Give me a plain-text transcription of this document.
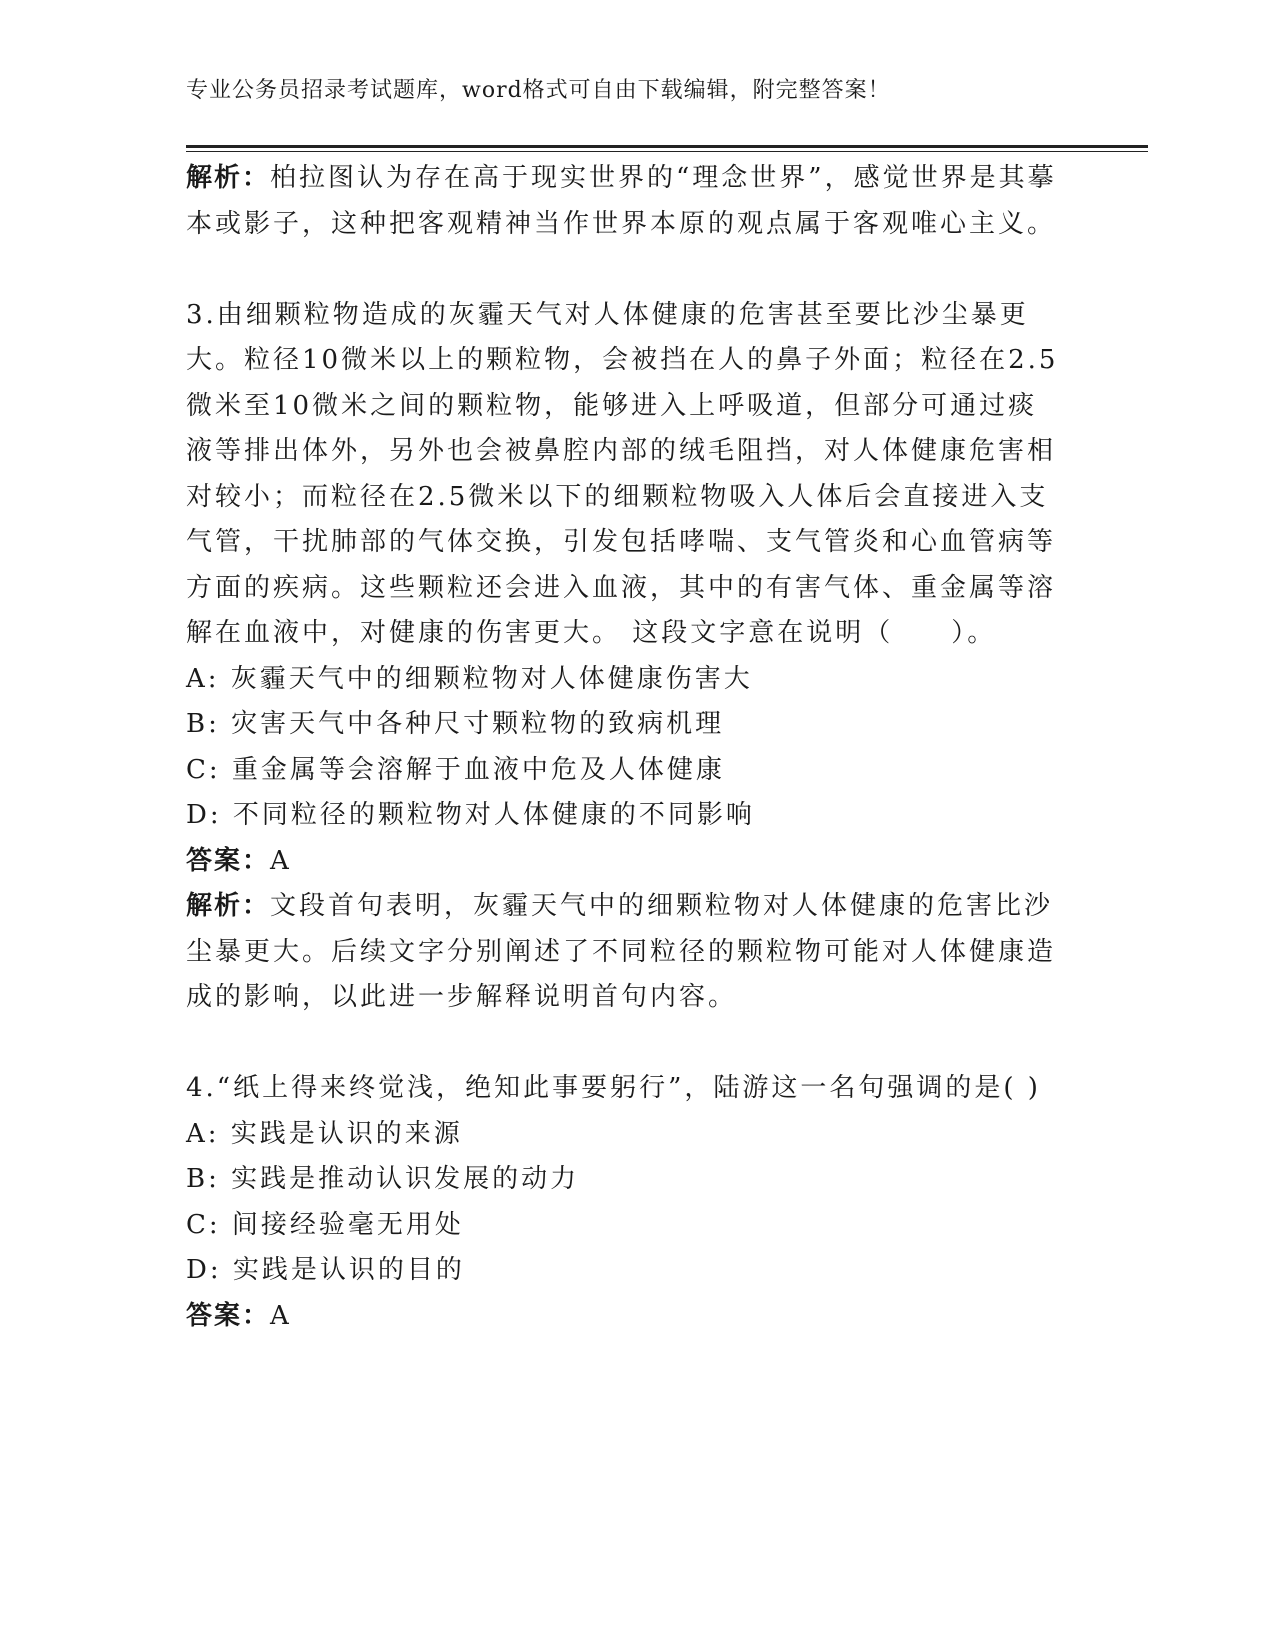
专业公务员招录考试题库，word格式可自由下载编辑，附完整答案！

解析：柏拉图认为存在高于现实世界的“理念世界”，感觉世界是其摹本或影子，这种把客观精神当作世界本原的观点属于客观唯心主义。

3.由细颗粒物造成的灰霾天气对人体健康的危害甚至要比沙尘暴更大。粒径10微米以上的颗粒物，会被挡在人的鼻子外面；粒径在2.5微米至10微米之间的颗粒物，能够进入上呼吸道，但部分可通过痰液等排出体外，另外也会被鼻腔内部的绒毛阻挡，对人体健康危害相对较小；而粒径在2.5微米以下的细颗粒物吸入人体后会直接进入支气管，干扰肺部的气体交换，引发包括哮喘、支气管炎和心血管病等方面的疾病。这些颗粒还会进入血液，其中的有害气体、重金属等溶解在血液中，对健康的伤害更大。 这段文字意在说明（　　）。

A: 灰霾天气中的细颗粒物对人体健康伤害大

B: 灾害天气中各种尺寸颗粒物的致病机理

C: 重金属等会溶解于血液中危及人体健康

D: 不同粒径的颗粒物对人体健康的不同影响

答案：A

解析：文段首句表明，灰霾天气中的细颗粒物对人体健康的危害比沙尘暴更大。后续文字分别阐述了不同粒径的颗粒物可能对人体健康造成的影响，以此进一步解释说明首句内容。

4.“纸上得来终觉浅，绝知此事要躬行”，陆游这一名句强调的是( )

A: 实践是认识的来源

B: 实践是推动认识发展的动力

C: 间接经验毫无用处

D: 实践是认识的目的

答案：A
